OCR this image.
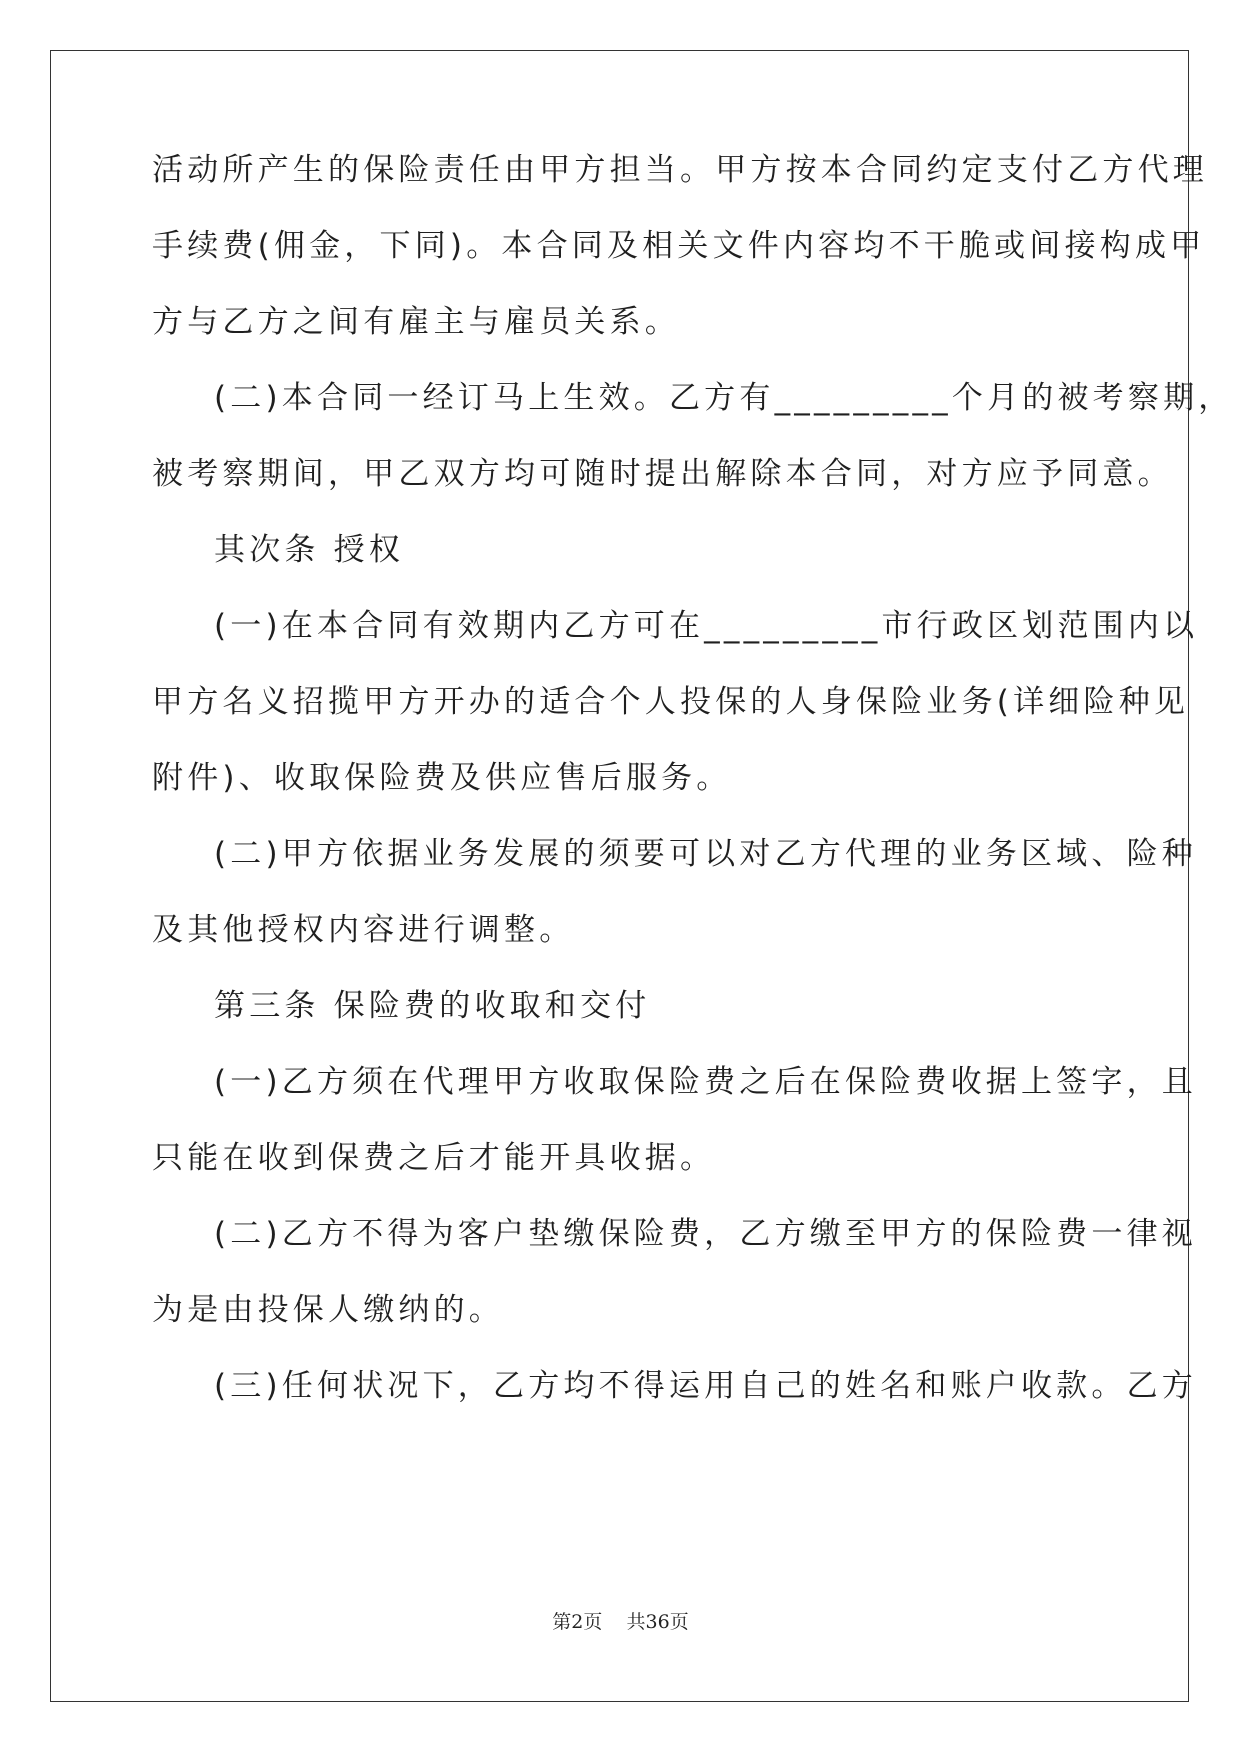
活动所产生的保险责任由甲方担当。甲方按本合同约定支付乙方代理
手续费(佣金，下同)。本合同及相关文件内容均不干脆或间接构成甲
方与乙方之间有雇主与雇员关系。
(二)本合同一经订马上生效。乙方有_________个月的被考察期，
被考察期间，甲乙双方均可随时提出解除本合同，对方应予同意。
其次条 授权
(一)在本合同有效期内乙方可在_________市行政区划范围内以
甲方名义招揽甲方开办的适合个人投保的人身保险业务(详细险种见
附件)、收取保险费及供应售后服务。
(二)甲方依据业务发展的须要可以对乙方代理的业务区域、险种
及其他授权内容进行调整。
第三条 保险费的收取和交付
(一)乙方须在代理甲方收取保险费之后在保险费收据上签字，且
只能在收到保费之后才能开具收据。
(二)乙方不得为客户垫缴保险费，乙方缴至甲方的保险费一律视
为是由投保人缴纳的。
(三)任何状况下，乙方均不得运用自己的姓名和账户收款。乙方
第2页 共36页
